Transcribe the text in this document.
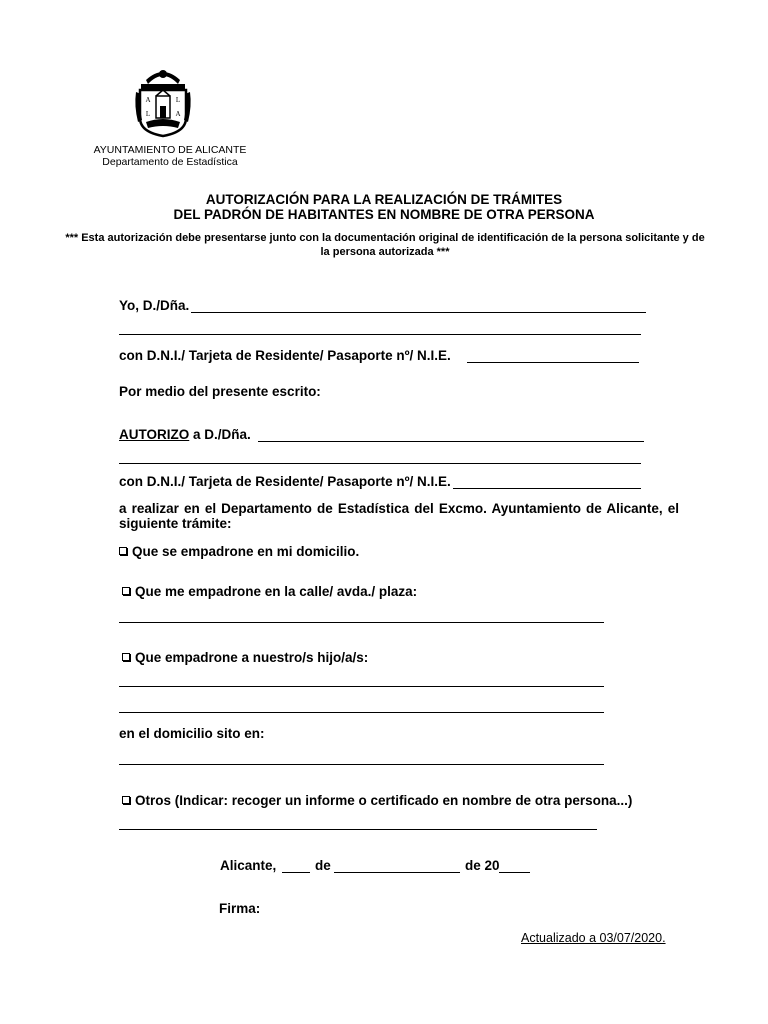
A	L
L	A
AYUNTAMIENTO DE ALICANTE
Departamento de Estadística
AUTORIZACIÓN PARA LA REALIZACIÓN DE TRÁMITES
DEL PADRÓN DE HABITANTES EN NOMBRE DE OTRA PERSONA
*** Esta autorización debe presentarse junto con la documentación original de identificación de la persona solicitante y de la persona autorizada ***
Yo, D./Dña.
con D.N.I./ Tarjeta de Residente/ Pasaporte nº/ N.I.E.
Por medio del presente escrito:
AUTORIZO a D./Dña.
con D.N.I./ Tarjeta de Residente/ Pasaporte nº/ N.I.E.
a realizar en el Departamento de Estadística del Excmo. Ayuntamiento de Alicante, el siguiente trámite:
Que se empadrone en mi domicilio.
Que me empadrone en la calle/ avda./ plaza:
Que empadrone a nuestro/s hijo/a/s:
en el domicilio sito en:
Otros (Indicar: recoger un informe o certificado en nombre de otra persona...)
Alicante,	de	de 20
Firma:
Actualizado a 03/07/2020.
